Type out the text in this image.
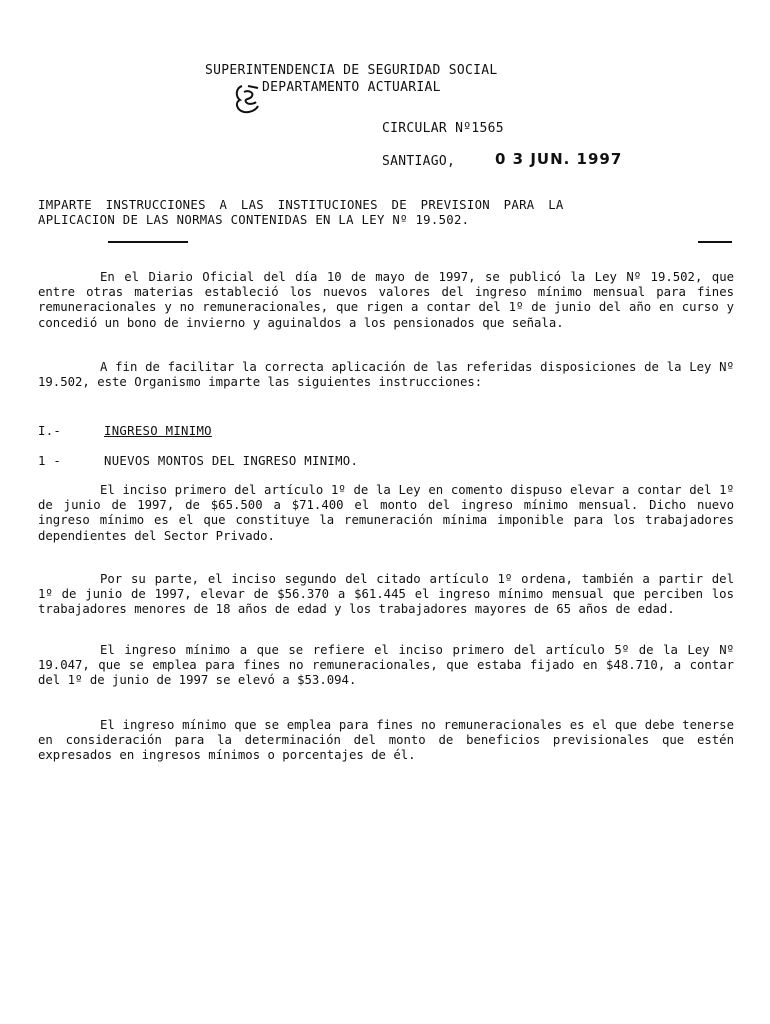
SUPERINTENDENCIA DE SEGURIDAD SOCIAL
DEPARTAMENTO ACTUARIAL
CIRCULAR Nº1565
SANTIAGO,	0 3 JUN. 1997
IMPARTE INSTRUCCIONES A LAS INSTITUCIONES DE PREVISION PARA LA
APLICACION DE LAS NORMAS CONTENIDAS EN LA LEY Nº 19.502.
En el Diario Oficial del día 10 de mayo de 1997, se publicó la Ley Nº 19.502, que entre otras materias estableció los nuevos valores del ingreso mínimo mensual para fines remuneracionales y no remuneracionales, que rigen a contar del 1º de junio del año en curso y concedió un bono de invierno y aguinaldos a los pensionados que señala.
A fin de facilitar la correcta aplicación de las referidas disposiciones de la Ley Nº 19.502, este Organismo imparte las siguientes instrucciones:
I.-	INGRESO MINIMO
1 -	NUEVOS MONTOS DEL INGRESO MINIMO.
El inciso primero del artículo 1º de la Ley en comento dispuso elevar a contar del 1º de junio de 1997, de $65.500 a $71.400 el monto del ingreso mínimo mensual. Dicho nuevo ingreso mínimo es el que constituye la remuneración mínima imponible para los trabajadores dependientes del Sector Privado.
Por su parte, el inciso segundo del citado artículo 1º ordena, también a partir del 1º de junio de 1997, elevar de $56.370 a $61.445 el ingreso mínimo mensual que perciben los trabajadores menores de 18 años de edad y los trabajadores mayores de 65 años de edad.
El ingreso mínimo a que se refiere el inciso primero del artículo 5º de la Ley Nº 19.047, que se emplea para fines no remuneracionales, que estaba fijado en $48.710, a contar del 1º de junio de 1997 se elevó a $53.094.
El ingreso mínimo que se emplea para fines no remuneracionales es el que debe tenerse en consideración para la determinación del monto de beneficios previsionales que estén expresados en ingresos mínimos o porcentajes de él.
